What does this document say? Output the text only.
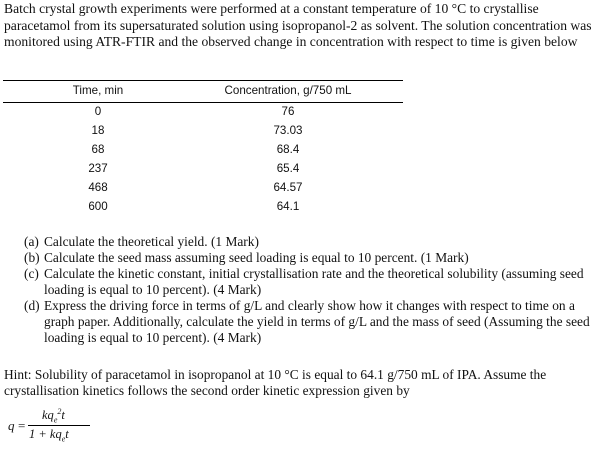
Batch crystal growth experiments were performed at a constant temperature of 10 °C to crystallise paracetamol from its supersaturated solution using isopropanol-2 as solvent. The solution concentration was monitored using ATR-FTIR and the observed change in concentration with respect to time is given below
Time, min	Concentration, g/750 mL
0	76
18	73.03
68	68.4
237	65.4
468	64.57
600	64.1
(a) Calculate the theoretical yield. (1 Mark)
(b) Calculate the seed mass assuming seed loading is equal to 10 percent. (1 Mark)
(c) Calculate the kinetic constant, initial crystallisation rate and the theoretical solubility (assuming seed loading is equal to 10 percent). (4 Mark)
(d) Express the driving force in terms of g/L and clearly show how it changes with respect to time on a graph paper. Additionally, calculate the yield in terms of g/L and the mass of seed (Assuming the seed loading is equal to 10 percent). (4 Mark)
Hint: Solubility of paracetamol in isopropanol at 10 °C is equal to 64.1 g/750 mL of IPA. Assume the crystallisation kinetics follows the second order kinetic expression given by
q =
$kq_e^2t$
$1 + kq_et$
